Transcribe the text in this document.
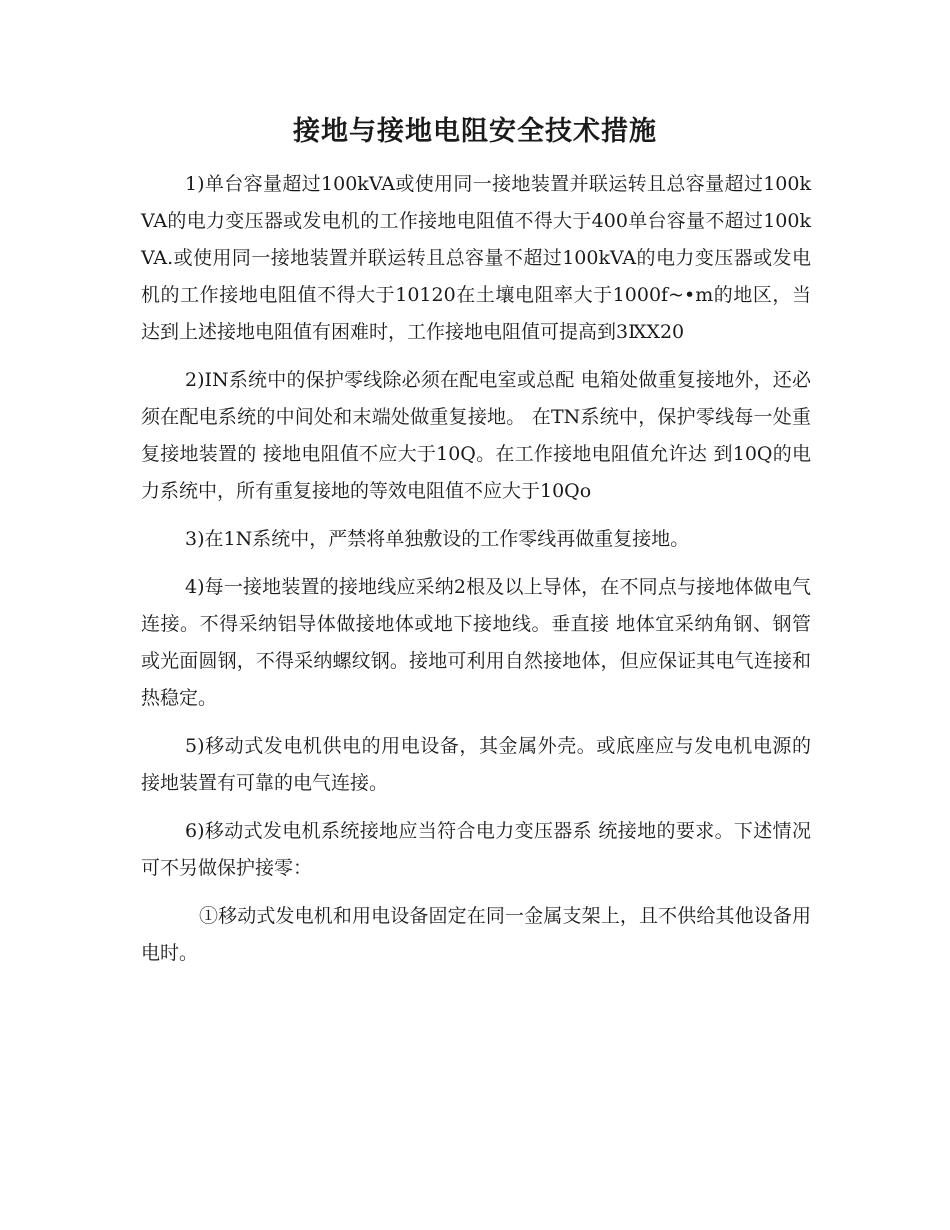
接地与接地电阻安全技术措施

1)单台容量超过100kVA或使用同一接地装置并联运转且总容量超过100kVA的电力变压器或发电机的工作接地电阻值不得大于400单台容量不超过100kVA.或使用同一接地装置并联运转且总容量不超过100kVA的电力变压器或发电机的工作接地电阻值不得大于10120在土壤电阻率大于1000f~•m的地区，当达到上述接地电阻值有困难时，工作接地电阻值可提高到3ⅨX20

2)IN系统中的保护零线除必须在配电室或总配 电箱处做重复接地外，还必须在配电系统的中间处和末端处做重复接地。 在TN系统中，保护零线每一处重复接地装置的 接地电阻值不应大于10Q。在工作接地电阻值允许达 到10Q的电力系统中，所有重复接地的等效电阻值不应大于10Qo

3)在1N系统中，严禁将单独敷设的工作零线再做重复接地。

4)每一接地装置的接地线应采纳2根及以上导体，在不同点与接地体做电气连接。不得采纳铝导体做接地体或地下接地线。垂直接 地体宜采纳角钢、钢管或光面圆钢，不得采纳螺纹钢。接地可利用自然接地体，但应保证其电气连接和热稳定。

5)移动式发电机供电的用电设备，其金属外壳。或底座应与发电机电源的接地装置有可靠的电气连接。

6)移动式发电机系统接地应当符合电力变压器系 统接地的要求。下述情况可不另做保护接零：

①移动式发电机和用电设备固定在同一金属支架上，且不供给其他设备用电时。
